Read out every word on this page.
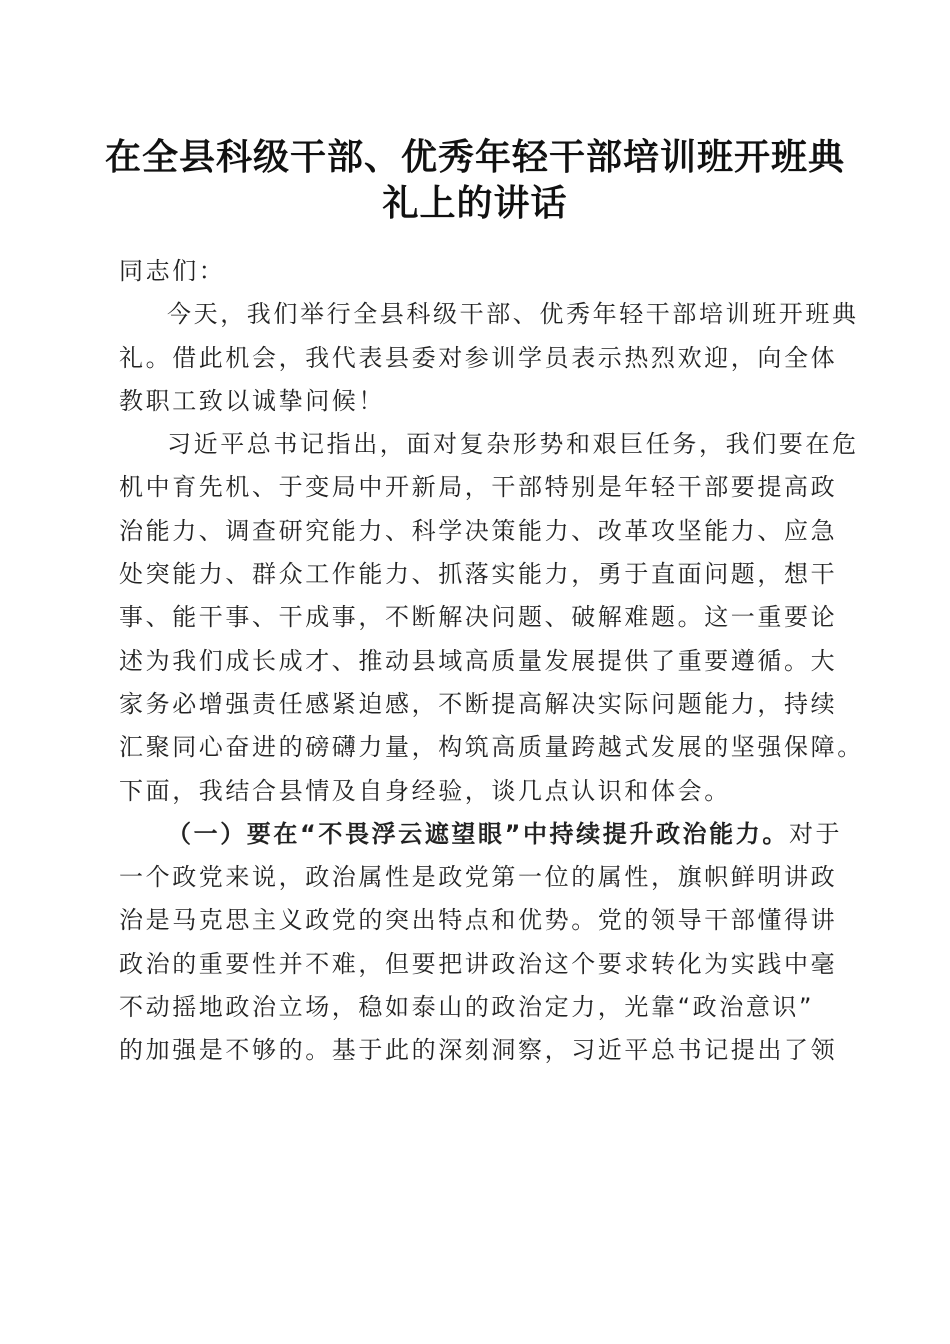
在全县科级干部、优秀年轻干部培训班开班典
礼上的讲话
同志们：
今天，我们举行全县科级干部、优秀年轻干部培训班开班典
礼。借此机会，我代表县委对参训学员表示热烈欢迎，向全体
教职工致以诚挚问候！
习近平总书记指出，面对复杂形势和艰巨任务，我们要在危
机中育先机、于变局中开新局，干部特别是年轻干部要提高政
治能力、调查研究能力、科学决策能力、改革攻坚能力、应急
处突能力、群众工作能力、抓落实能力，勇于直面问题，想干
事、能干事、干成事，不断解决问题、破解难题。这一重要论
述为我们成长成才、推动县域高质量发展提供了重要遵循。大
家务必增强责任感紧迫感，不断提高解决实际问题能力，持续
汇聚同心奋进的磅礴力量，构筑高质量跨越式发展的坚强保障。
下面，我结合县情及自身经验，谈几点认识和体会。
（一）要在“不畏浮云遮望眼”中持续提升政治能力。对于
一个政党来说，政治属性是政党第一位的属性，旗帜鲜明讲政
治是马克思主义政党的突出特点和优势。党的领导干部懂得讲
政治的重要性并不难，但要把讲政治这个要求转化为实践中毫
不动摇地政治立场，稳如泰山的政治定力，光靠“政治意识”
的加强是不够的。基于此的深刻洞察，习近平总书记提出了领
